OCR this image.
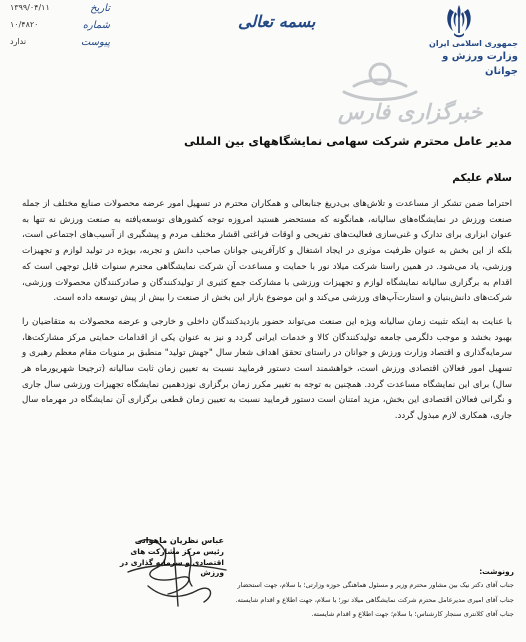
جمهوری اسلامی ایران
وزارت ورزش و جوانان
بسمه تعالی
تاریخ
۱۳۹۹/۰۴/۱۱
شماره
۱۰/۴۸۲۰
پیوست
ندارد
خبرگزاری فارس
مدیر عامل محترم شرکت سهامی نمایشگاههای بین المللی
سلام علیکم

احتراما ضمن تشکر از مساعدت و تلاش‌های بی‌دریغ جنابعالی و همکاران محترم در تسهیل امور عرضه محصولات صنایع مختلف از جمله صنعت ورزش در نمایشگاه‌های سالیانه، همانگونه که مستحضر هستید امروزه توجه کشورهای توسعه‌یافته به صنعت ورزش نه تنها به عنوان ابزاری برای تدارک و غنی‌سازی فعالیت‌های تفریحی و اوقات فراغتی اقشار مختلف مردم و پیشگیری از آسیب‌های اجتماعی است، بلکه از این بخش به عنوان ظرفیت موثری در ایجاد اشتغال و کارآفرینی جوانان صاحب دانش و تجربه، بویژه در تولید لوازم و تجهیزات ورزشی، یاد می‌شود. در همین راستا شرکت میلاد نور با حمایت و مساعدت آن شرکت نمایشگاهی محترم سنوات قابل توجهی است که اقدام به برگزاری سالیانه نمایشگاه لوازم و تجهیزات ورزشی با مشارکت جمع کثیری از تولیدکنندگان و صادرکنندگان محصولات ورزشی، شرکت‌های دانش‌بنیان و استارت‌آپ‌های ورزشی می‌کند و این موضوع بازار این بخش از صنعت را بیش از پیش توسعه داده است.

با عنایت به اینکه تثبیت زمان سالیانه ویژه این صنعت می‌تواند حضور بازدیدکنندگان داخلی و خارجی و عرضه محصولات به متقاضیان را بهبود بخشد و موجب دلگرمی جامعه تولیدکنندگان کالا و خدمات ایرانی گردد و نیز به عنوان یکی از اقدامات حمایتی مرکز مشارکت‌ها، سرمایه‌گذاری و اقتصاد وزارت ورزش و جوانان در راستای تحقق اهداف شعار سال "جهش تولید" منطبق بر منویات مقام معظم رهبری و تسهیل امور فعالان اقتصادی ورزش است، خواهشمند است دستور فرمایید نسبت به تعیین زمان ثابت سالیانه (ترجیحا شهریورماه هر سال) برای این نمایشگاه مساعدت گردد. همچنین به توجه به تغییر مکرر زمان برگزاری نوزدهمین نمایشگاه تجهیزات ورزشی سال جاری و نگرانی فعالان اقتصادی این بخش، مزید امتنان است دستور فرمایید نسبت به تعیین زمان قطعی برگزاری آن نمایشگاه در مهرماه سال جاری، همکاری لازم مبذول گردد.

عباس نظریان ماهوانی
رئیس مرکز مشارکت های اقتصادی و سرمایه گذاری در ورزش	رونوشت:
جناب آقای دکتر نیک بین مشاور محترم وزیر و مسئول هماهنگی حوزه وزارتی؛ با سلام، جهت استحضار
جناب آقای امیری مدیرعامل محترم شرکت نمایشگاهی میلاد نور؛ با سلام، جهت اطلاع و اقدام شایسته.
جناب آقای کلانتری سنجار کارشناس؛ با سلام؛ جهت اطلاع و اقدام شایسته.
